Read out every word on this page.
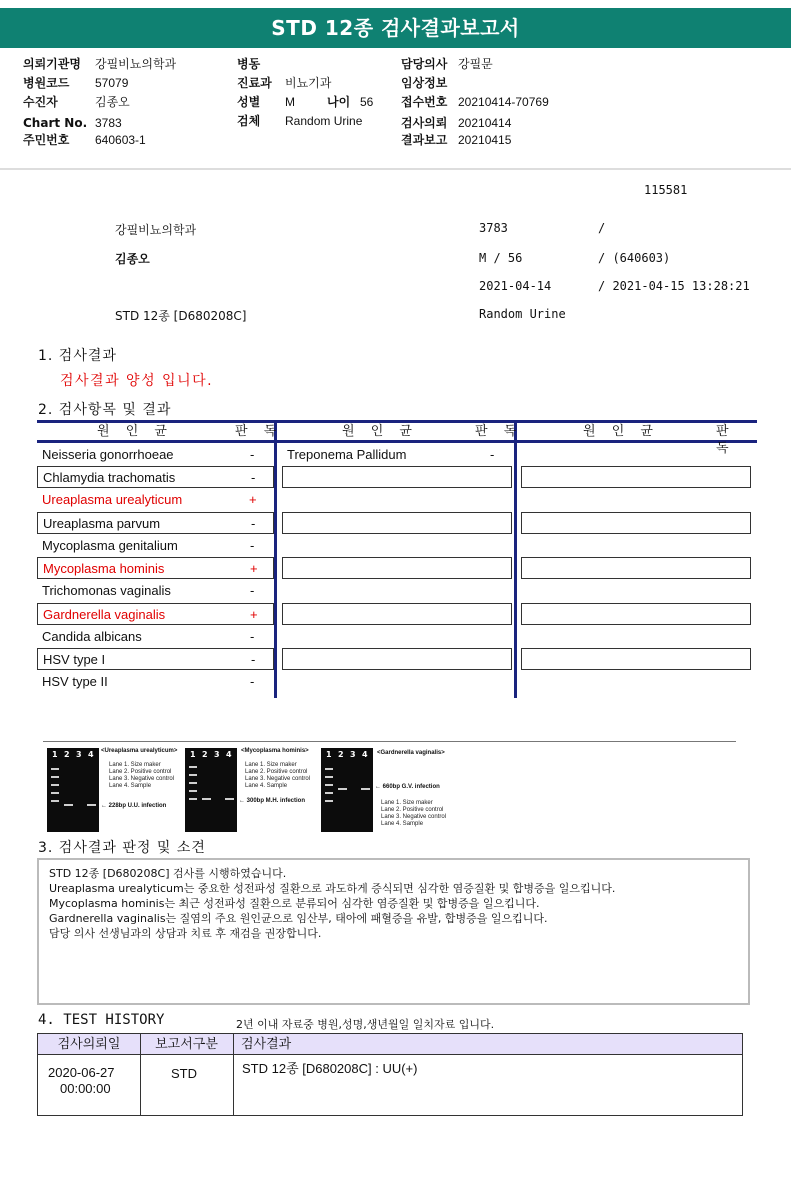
STD 12종 검사결과보고서
의뢰기관명 강필비뇨의학과
병원코드 57079
수진자	김종오
Chart No. 3783
주민번호 640603-1
병동
진료과 비뇨기과
성별 M	나이 56
검체 Random Urine
담당의사 강필문
임상정보
접수번호 20210414-70769
검사의뢰 20210414
결과보고 20210415
115581
강필비뇨의학과	3783	/
김종오	M / 56	/ (640603)
2021-04-14	/ 2021-04-15 13:28:21
STD 12종 [D680208C]	Random Urine
1. 검사결과
검사결과 양성 입니다.
2. 검사항목 및 결과
원 인 균	판 독	원 인 균	판 독	원 인 균	판 독
Neisseria gonorrhoeae	-
Chlamydia trachomatis	-
Ureaplasma urealyticum	+
Ureaplasma parvum	-
Mycoplasma genitalium	-
Mycoplasma hominis	+
Trichomonas vaginalis	-
Gardnerella vaginalis	+
Candida albicans	-
HSV type I	-
HSV type II	-
Treponema Pallidum	-
1 2 3 4 <Ureaplasma urealyticum>
Lane 1. Size maker
Lane 2. Positive control
Lane 3. Negative control
Lane 4. Sample
← 228bp U.U. infection
1 2 3 4 <Mycoplasma hominis>
Lane 1. Size maker
Lane 2. Positive control
Lane 3. Negative control
Lane 4. Sample
← 300bp M.H. infection
1 2 3 4 <Gardnerella vaginalis>
← 660bp G.V. infection
Lane 1. Size maker
Lane 2. Positive control
Lane 3. Negative control
Lane 4. Sample
3. 검사결과 판정 및 소견
STD 12종 [D680208C] 검사를 시행하였습니다.
Ureaplasma urealyticum는 중요한 성전파성 질환으로 과도하게 증식되면 심각한 염증질환 및 합병증을 일으킵니다.
Mycoplasma hominis는 최근 성전파성 질환으로 분류되어 심각한 염증질환 및 합병증을 일으킵니다.
Gardnerella vaginalis는 질염의 주요 원인균으로 임산부, 태아에 패혈증을 유발, 합병증을 일으킵니다.
담당 의사 선생님과의 상담과 치료 후 재검을 권장합니다.
4. TEST HISTORY	2년 이내 자료중 병원,성명,생년월일 일치자료 입니다.
검사의뢰일	보고서구분	검사결과
2020-06-27
00:00:00
STD	STD 12종 [D680208C] : UU(+)
